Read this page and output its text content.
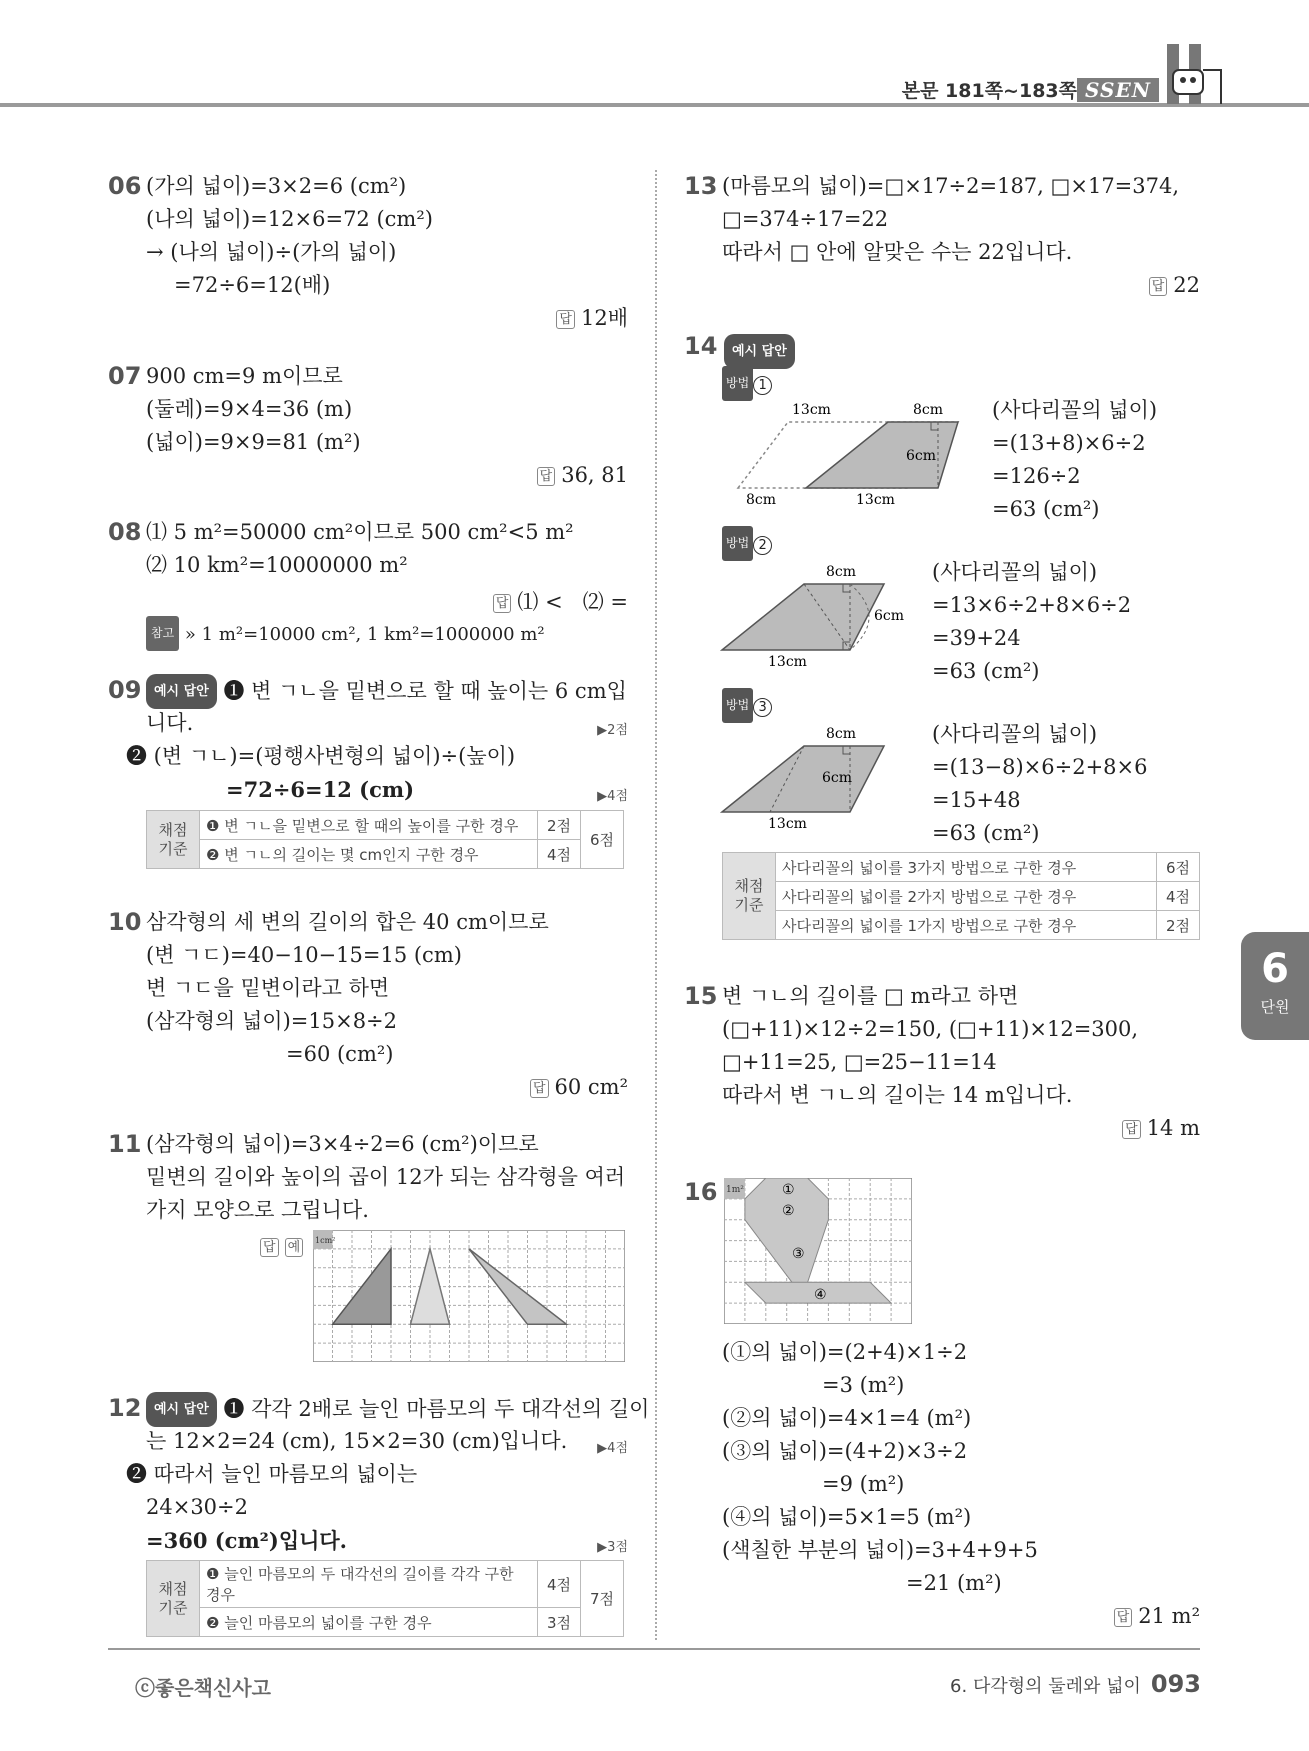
본문 181쪽~183쪽 SSEN
06 (가의 넓이)=3×2=6 (cm²)
(나의 넓이)=12×6=72 (cm²)
→ (나의 넓이)÷(가의 넓이)
=72÷6=12(배)
답 12배
07 900 cm=9 m이므로
(둘레)=9×4=36 (m)
(넓이)=9×9=81 (m²)
답 36, 81
08 ⑴ 5 m²=50000 cm²이므로 500 cm²<5 m²
⑵ 10 km²=10000000 m²
답 ⑴ <   ⑵ =
참고 » 1 m²=10000 cm², 1 km²=1000000 m²
09 예시 답안 ❶ 변 ㄱㄴ을 밑변으로 할 때 높이는 6 cm입
니다.	▶2점
❷ (변 ㄱㄴ)=(평행사변형의 넓이)÷(높이)
=72÷6=12 (cm)	▶4점
채점 기준	❶ 변 ㄱㄴ을 밑변으로 할 때의 높이를 구한 경우	2점	6점
	❷ 변 ㄱㄴ의 길이는 몇 cm인지 구한 경우	4점	
10 삼각형의 세 변의 길이의 합은 40 cm이므로
(변 ㄱㄷ)=40−10−15=15 (cm)
변 ㄱㄷ을 밑변이라고 하면
(삼각형의 넓이)=15×8÷2
=60 (cm²)
답 60 cm²
11 (삼각형의 넓이)=3×4÷2=6 (cm²)이므로
밑변의 길이와 높이의 곱이 12가 되는 삼각형을 여러
가지 모양으로 그립니다.
답 예	1cm²
12 예시 답안 ❶ 각각 2배로 늘인 마름모의 두 대각선의 길이
는 12×2=24 (cm), 15×2=30 (cm)입니다. ▶4점
❷ 따라서 늘인 마름모의 넓이는
24×30÷2
=360 (cm²)입니다.	▶3점
채점 기준	❶ 늘인 마름모의 두 대각선의 길이를 각각 구한 경우	4점	7점
	❷ 늘인 마름모의 넓이를 구한 경우	3점	
13 (마름모의 넓이)=□×17÷2=187, □×17=374,
□=374÷17=22
따라서 □ 안에 알맞은 수는 22입니다.
답 22
14	예시 답안
방법 1
(사다리꼴의 넓이)
=(13+8)×6÷2
=126÷2
=63 (cm²)
방법 2
(사다리꼴의 넓이)
=13×6÷2+8×6÷2
=39+24
=63 (cm²)
방법 3
(사다리꼴의 넓이)
=(13−8)×6÷2+8×6
=15+48
=63 (cm²)
13cm	8cm
6cm
8cm	13cm
8cm
6cm
13cm
8cm
6cm
13cm
채점 기준	사다리꼴의 넓이를 3가지 방법으로 구한 경우	6점
	사다리꼴의 넓이를 2가지 방법으로 구한 경우	4점
	사다리꼴의 넓이를 1가지 방법으로 구한 경우	2점
15 변 ㄱㄴ의 길이를 □ m라고 하면
(□+11)×12÷2=150, (□+11)×12=300,
□+11=25, □=25−11=14
따라서 변 ㄱㄴ의 길이는 14 m입니다.
답 14 m
16 1m²	①
②
③
④
(①의 넓이)=(2+4)×1÷2
=3 (m²)
(②의 넓이)=4×1=4 (m²)
(③의 넓이)=(4+2)×3÷2
=9 (m²)
(④의 넓이)=5×1=5 (m²)
(색칠한 부분의 넓이)=3+4+9+5
=21 (m²)
답 21 m²
6
단원
ⓒ좋은책신사고	6. 다각형의 둘레와 넓이 093
